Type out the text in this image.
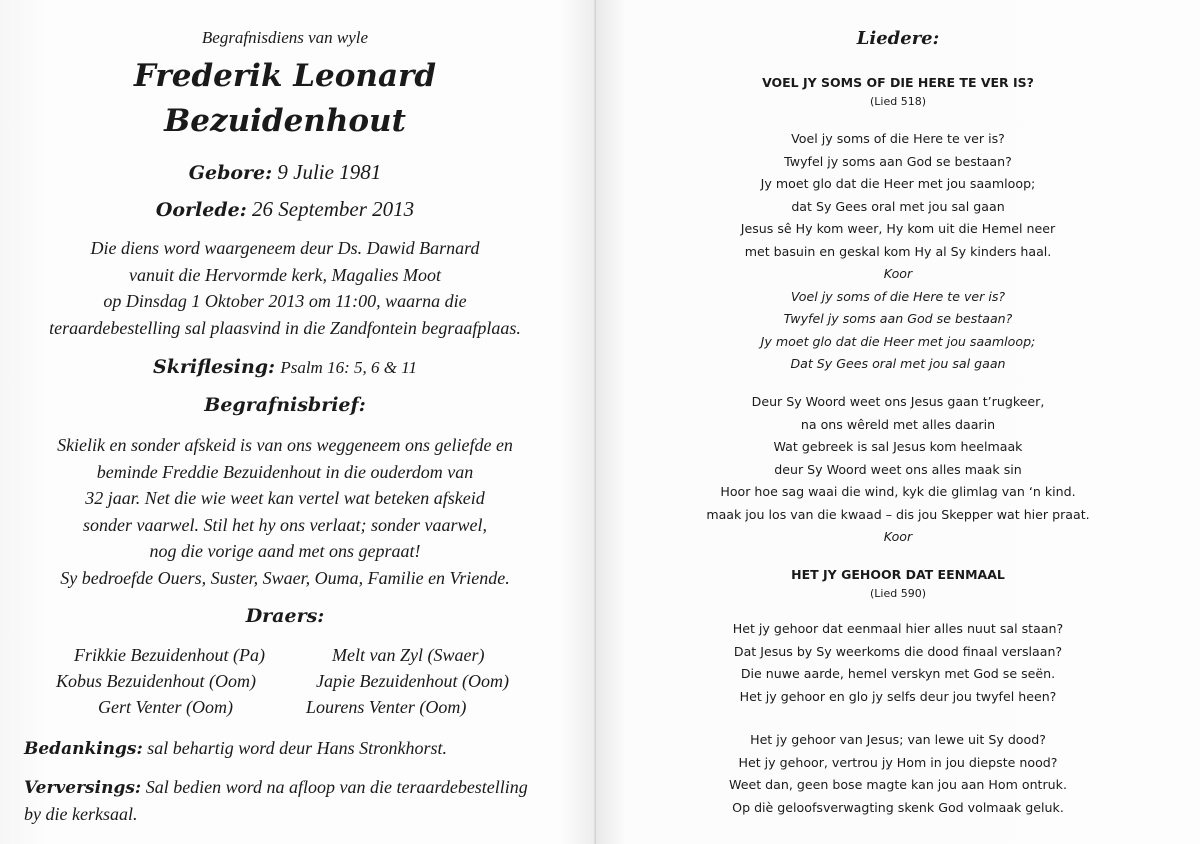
Begrafnisdiens van wyle
Frederik Leonard
Bezuidenhout
Gebore: 9 Julie 1981
Oorlede: 26 September 2013
Die diens word waargeneem deur Ds. Dawid Barnard
vanuit die Hervormde kerk, Magalies Moot
op Dinsdag 1 Oktober 2013 om 11:00, waarna die
teraardebestelling sal plaasvind in die Zandfontein begraafplaas.
Skriflesing: Psalm 16: 5, 6 & 11
Begrafnisbrief:
Skielik en sonder afskeid is van ons weggeneem ons geliefde en
beminde Freddie Bezuidenhout in die ouderdom van
32 jaar. Net die wie weet kan vertel wat beteken afskeid
sonder vaarwel. Stil het hy ons verlaat; sonder vaarwel,
nog die vorige aand met ons gepraat!
Sy bedroefde Ouers, Suster, Swaer, Ouma, Familie en Vriende.
Draers:
Frikkie Bezuidenhout (Pa)
Kobus Bezuidenhout (Oom)
Gert Venter (Oom)
Melt van Zyl (Swaer)
Japie Bezuidenhout (Oom)
Lourens Venter (Oom)
Bedankings: sal behartig word deur Hans Stronkhorst.
Verversings: Sal bedien word na afloop van die teraardebestelling
by die kerksaal.
Liedere:
VOEL JY SOMS OF DIE HERE TE VER IS?
(Lied 518)
Voel jy soms of die Here te ver is?
Twyfel jy soms aan God se bestaan?
Jy moet glo dat die Heer met jou saamloop;
dat Sy Gees oral met jou sal gaan
Jesus sê Hy kom weer, Hy kom uit die Hemel neer
met basuin en geskal kom Hy al Sy kinders haal.
Koor
Voel jy soms of die Here te ver is?
Twyfel jy soms aan God se bestaan?
Jy moet glo dat die Heer met jou saamloop;
Dat Sy Gees oral met jou sal gaan
Deur Sy Woord weet ons Jesus gaan t’rugkeer,
na ons wêreld met alles daarin
Wat gebreek is sal Jesus kom heelmaak
deur Sy Woord weet ons alles maak sin
Hoor hoe sag waai die wind, kyk die glimlag van ‘n kind.
maak jou los van die kwaad – dis jou Skepper wat hier praat.
Koor
HET JY GEHOOR DAT EENMAAL
(Lied 590)
Het jy gehoor dat eenmaal hier alles nuut sal staan?
Dat Jesus by Sy weerkoms die dood finaal verslaan?
Die nuwe aarde, hemel verskyn met God se seën.
Het jy gehoor en glo jy selfs deur jou twyfel heen?
Het jy gehoor van Jesus; van lewe uit Sy dood?
Het jy gehoor, vertrou jy Hom in jou diepste nood?
Weet dan, geen bose magte kan jou aan Hom ontruk.
Op diè geloofsverwagting skenk God volmaak geluk.
